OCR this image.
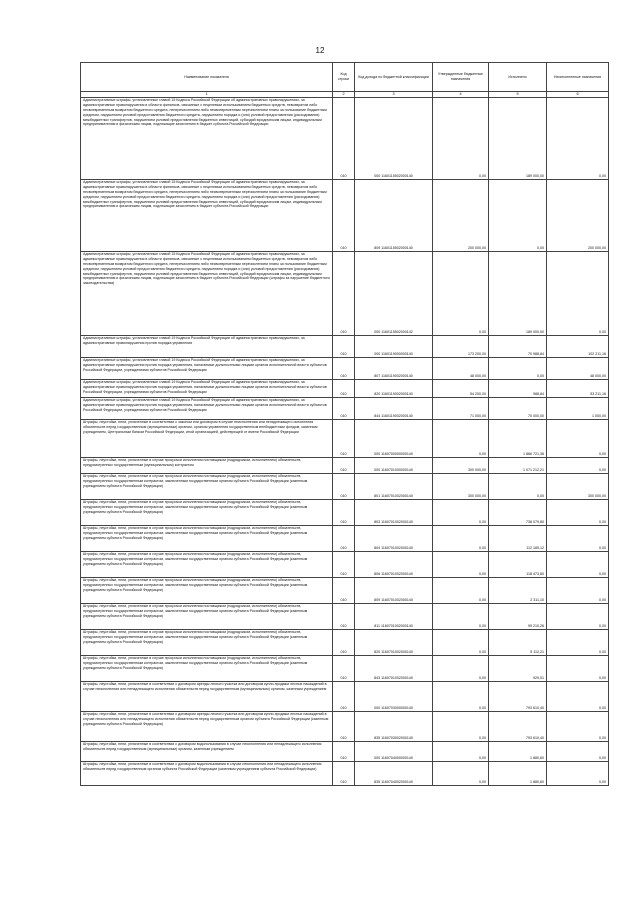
12
Наименование показателя	Код строки	Код дохода по бюджетной классификации	Утвержденные бюджетные назначения	Исполнено	Неисполненные назначения
1	2	3	4	5	6
Административные штрафы, установленные главой 15 Кодекса Российской Федерации об административных правонарушениях, за административные правонарушения в области финансов, связанные с нецелевым использованием бюджетных средств, невозвратом либо несвоевременным возвратом бюджетного кредита, неперечислением либо несвоевременным перечислением платы за пользование бюджетным кредитом, нарушением условий предоставления бюджетного кредита, нарушением порядка и (или) условий предоставления (расходования) межбюджетных трансфертов, нарушением условий предоставления бюджетных инвестиций, субсидий юридическим лицам, индивидуальным предпринимателям и физическим лицам, подлежащие зачислению в бюджет субъекта Российской Федерации	010	000 1160115502000140	0,00	189 000,00	0,00
Административные штрафы, установленные главой 15 Кодекса Российской Федерации об административных правонарушениях, за административные правонарушения в области финансов, связанные с нецелевым использованием бюджетных средств, невозвратом либо несвоевременным возвратом бюджетного кредита, неперечислением либо несвоевременным перечислением платы за пользование бюджетным кредитом, нарушением условий предоставления бюджетного кредита, нарушением порядка и (или) условий предоставления (расходования) межбюджетных трансфертов, нарушением условий предоставления бюджетных инвестиций, субсидий юридическим лицам, индивидуальным предпринимателям и физическим лицам, подлежащие зачислению в бюджет субъекта Российской Федерации	010	809 1160115502000140	200 000,00	0,00	200 000,00
Административные штрафы, установленные главой 15 Кодекса Российской Федерации об административных правонарушениях, за административные правонарушения в области финансов, связанные с нецелевым использованием бюджетных средств, невозвратом либо несвоевременным возвратом бюджетного кредита, неперечислением либо несвоевременным перечислением платы за пользование бюджетным кредитом, нарушением условий предоставления бюджетного кредита, нарушением порядка и (или) условий предоставления (расходования) межбюджетных трансфертов, нарушением условий предоставления бюджетных инвестиций, субсидий юридическим лицам, индивидуальным предпринимателям и физическим лицам, подлежащие зачислению в бюджет субъекта Российской Федерации (штрафы за нарушение бюджетного законодательства)	010	000 1160115502000142	0,00	189 000,00	0,00
Административные штрафы, установленные главой 19 Кодекса Российской Федерации об административных правонарушениях, за административные правонарушения против порядка управления	010	000 1160119000000140	173 200,00	70 988,84	102 211,16
Административные штрафы, установленные главой 19 Кодекса Российской Федерации об административных правонарушениях, за административные правонарушения против порядка управления, налагаемые должностными лицами органов исполнительной власти субъектов Российской Федерации, учреждениями субъектов Российской Федерации	010	807 1160119002000140	48 000,00	0,00	48 000,00
Административные штрафы, установленные главой 19 Кодекса Российской Федерации об административных правонарушениях, за административные правонарушения против порядка управления, налагаемые должностными лицами органов исполнительной власти субъектов Российской Федерации, учреждениями субъектов Российской Федерации	010	820 1160119002000140	54 200,00	988,84	53 211,16
Административные штрафы, установленные главой 19 Кодекса Российской Федерации об административных правонарушениях, за административные правонарушения против порядка управления, налагаемые должностными лицами органов исполнительной власти субъектов Российской Федерации, учреждениями субъектов Российской Федерации	010	844 1160119002000140	71 000,00	70 000,00	1 000,00
Штрафы, неустойки, пени, уплаченные в соответствии с законом или договором в случае неисполнения или ненадлежащего исполнения обязательств перед государственным (муниципальным) органом, органом управления государственным внебюджетным фондом, казенным учреждением, Центральным банком Российской Федерации, иной организацией, действующей от имени Российской Федерации	010	000 1160700000000140	0,00	1 866 721,36	0,00
Штрафы, неустойки, пени, уплаченные в случае просрочки исполнения поставщиком (подрядчиком, исполнителем) обязательств, предусмотренных государственным (муниципальным) контрактом	010	000 1160701000000140	300 000,00	1 071 212,21	0,00
Штрафы, неустойки, пени, уплаченные в случае просрочки исполнения поставщиком (подрядчиком, исполнителем) обязательств, предусмотренных государственным контрактом, заключенным государственным органом субъекта Российской Федерации (казенным учреждением субъекта Российской Федерации)	010	801 1160701002000140	300 000,00	0,00	300 000,00
Штрафы, неустойки, пени, уплаченные в случае просрочки исполнения поставщиком (подрядчиком, исполнителем) обязательств, предусмотренных государственным контрактом, заключенным государственным органом субъекта Российской Федерации (казенным учреждением субъекта Российской Федерации)	010	803 1160701002000140	0,00	738 079,80	0,00
Штрафы, неустойки, пени, уплаченные в случае просрочки исполнения поставщиком (подрядчиком, исполнителем) обязательств, предусмотренных государственным контрактом, заключенным государственным органом субъекта Российской Федерации (казенным учреждением субъекта Российской Федерации)	010	804 1160701002000140	0,00	112 185,12	0,00
Штрафы, неустойки, пени, уплаченные в случае просрочки исполнения поставщиком (подрядчиком, исполнителем) обязательств, предусмотренных государственным контрактом, заключенным государственным органом субъекта Российской Федерации (казенным учреждением субъекта Российской Федерации)	010	806 1160701002000140	0,00	118 473,80	0,00
Штрафы, неустойки, пени, уплаченные в случае просрочки исполнения поставщиком (подрядчиком, исполнителем) обязательств, предусмотренных государственным контрактом, заключенным государственным органом субъекта Российской Федерации (казенным учреждением субъекта Российской Федерации)	010	809 1160701002000140	0,00	2 311,10	0,00
Штрафы, неустойки, пени, уплаченные в случае просрочки исполнения поставщиком (подрядчиком, исполнителем) обязательств, предусмотренных государственным контрактом, заключенным государственным органом субъекта Российской Федерации (казенным учреждением субъекта Российской Федерации)	010	811 1160701002000140	0,00	99 210,26	0,00
Штрафы, неустойки, пени, уплаченные в случае просрочки исполнения поставщиком (подрядчиком, исполнителем) обязательств, предусмотренных государственным контрактом, заключенным государственным органом субъекта Российской Федерации (казенным учреждением субъекта Российской Федерации)	010	820 1160701002000140	0,00	5 112,21	0,00
Штрафы, неустойки, пени, уплаченные в случае просрочки исполнения поставщиком (подрядчиком, исполнителем) обязательств, предусмотренных государственным контрактом, заключенным государственным органом субъекта Российской Федерации (казенным учреждением субъекта Российской Федерации)	010	843 1160701002000140	0,00	929,01	0,00
Штрафы, неустойки, пени, уплаченные в соответствии с договором аренды лесного участка или договором купли-продажи лесных насаждений в случае неисполнения или ненадлежащего исполнения обязательств перед государственным (муниципальным) органом, казенным учреждением	010	000 1160703000000140	0,00	793 610,40	0,00
Штрафы, неустойки, пени, уплаченные в соответствии с договором аренды лесного участка или договором купли-продажи лесных насаждений в случае неисполнения или ненадлежащего исполнения обязательств перед государственным органом субъекта Российской Федерации (казенным учреждением субъекта Российской Федерации)	010	835 1160703002000140	0,00	793 610,40	0,00
Штрафы, неустойки, пени, уплаченные в соответствии с договором водопользования в случае неисполнения или ненадлежащего исполнения обязательств перед государственным (муниципальным) органом, казенным учреждением	010	000 1160704000000140	0,00	1 880,60	0,00
Штрафы, неустойки, пени, уплаченные в соответствии с договором водопользования в случае неисполнения или ненадлежащего исполнения обязательств перед государственным органом субъекта Российской Федерации (казенным учреждением субъекта Российской Федерации)	010	835 1160704002000140	0,00	1 880,60	0,00
